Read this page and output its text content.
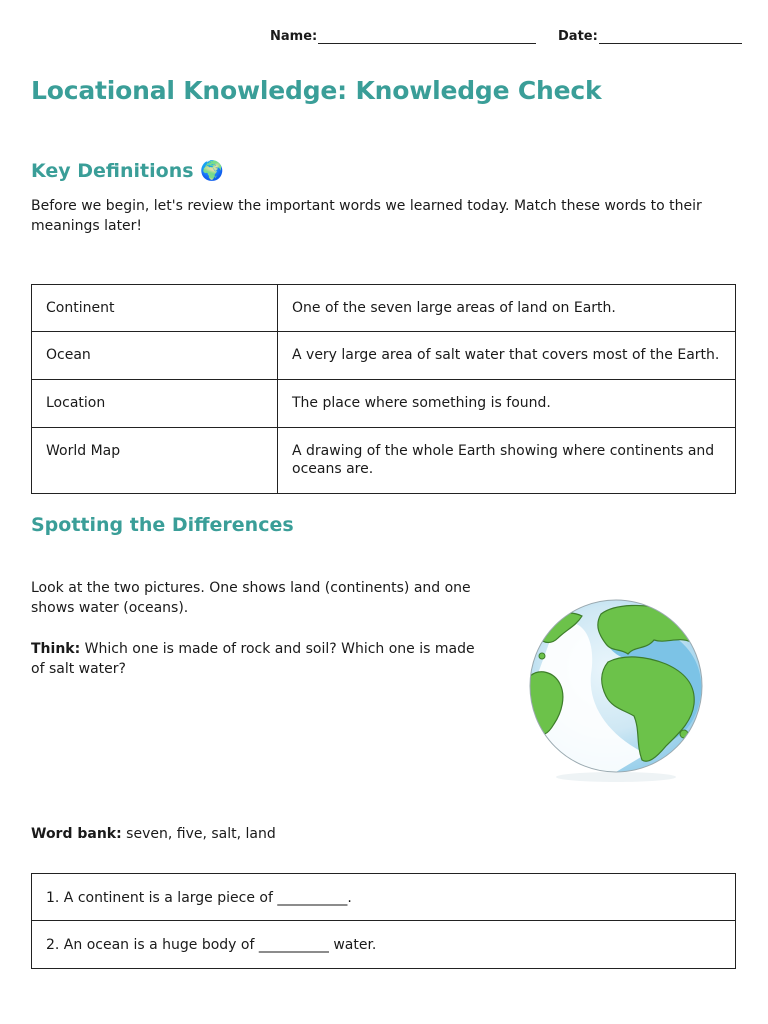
Name:	Date:
Locational Knowledge: Knowledge Check
Key Definitions 🌍

Before we begin, let's review the important words we learned today. Match these words to their meanings later!

Continent	One of the seven large areas of land on Earth.
Ocean	A very large area of salt water that covers most of the Earth.
Location	The place where something is found.
World Map	A drawing of the whole Earth showing where continents and oceans are.
Spotting the Differences

Look at the two pictures. One shows land (continents) and one shows water (oceans).

Think: Which one is made of rock and soil? Which one is made of salt water?

Word bank: seven, five, salt, land

1. A continent is a large piece of __________.
2. An ocean is a huge body of __________ water.
